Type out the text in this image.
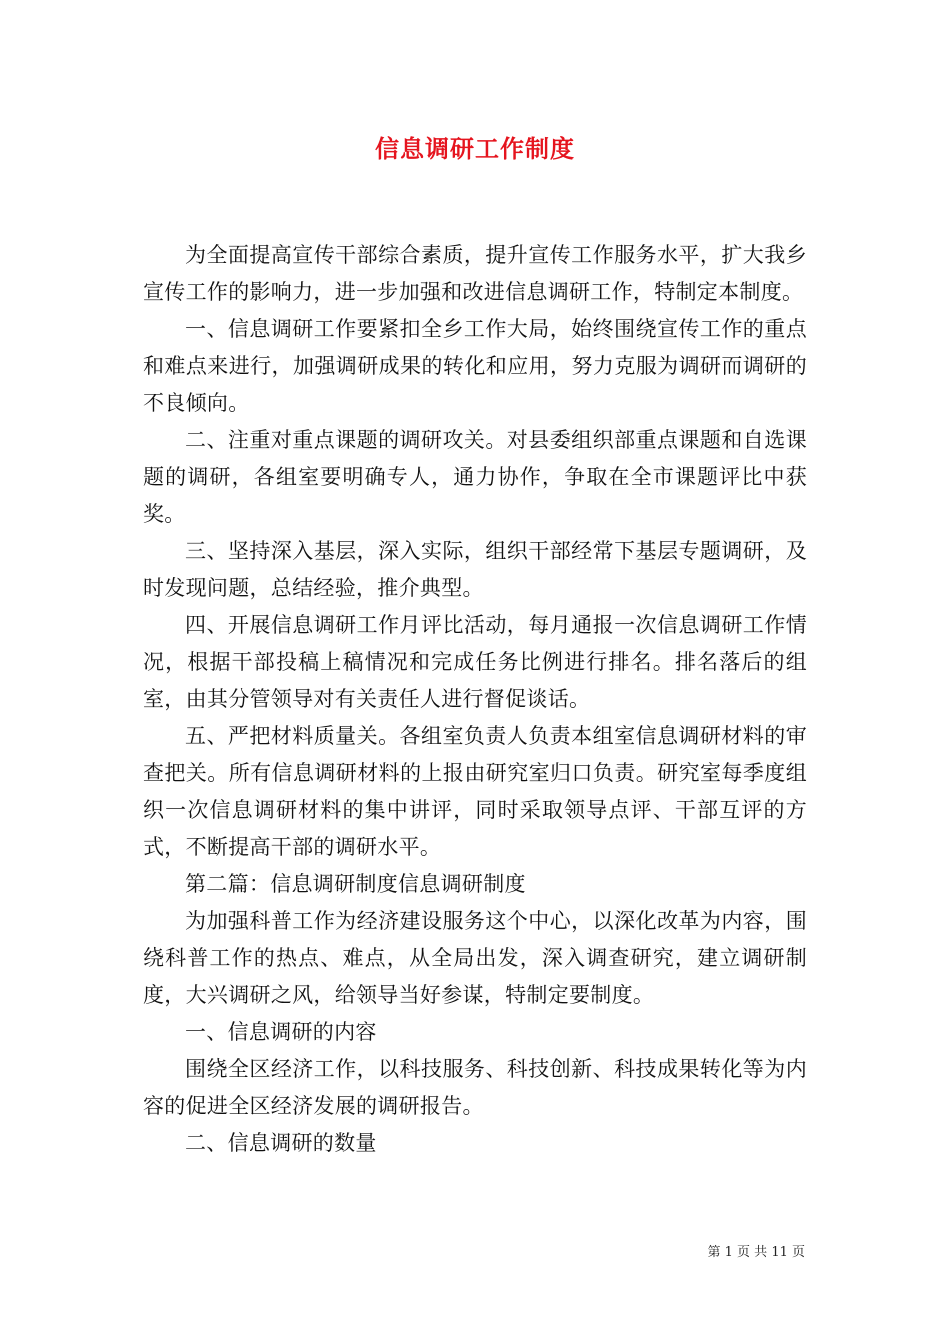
信息调研工作制度

为全面提高宣传干部综合素质，提升宣传工作服务水平，扩大我乡宣传工作的影响力，进一步加强和改进信息调研工作，特制定本制度。

一、信息调研工作要紧扣全乡工作大局，始终围绕宣传工作的重点和难点来进行，加强调研成果的转化和应用，努力克服为调研而调研的不良倾向。

二、注重对重点课题的调研攻关。对县委组织部重点课题和自选课题的调研，各组室要明确专人，通力协作，争取在全市课题评比中获奖。

三、坚持深入基层，深入实际，组织干部经常下基层专题调研，及时发现问题，总结经验，推介典型。

四、开展信息调研工作月评比活动，每月通报一次信息调研工作情况，根据干部投稿上稿情况和完成任务比例进行排名。排名落后的组室，由其分管领导对有关责任人进行督促谈话。

五、严把材料质量关。各组室负责人负责本组室信息调研材料的审查把关。所有信息调研材料的上报由研究室归口负责。研究室每季度组织一次信息调研材料的集中讲评，同时采取领导点评、干部互评的方式，不断提高干部的调研水平。

第二篇：信息调研制度信息调研制度

为加强科普工作为经济建设服务这个中心，以深化改革为内容，围绕科普工作的热点、难点，从全局出发，深入调查研究，建立调研制度，大兴调研之风，给领导当好参谋，特制定要制度。

一、信息调研的内容

围绕全区经济工作，以科技服务、科技创新、科技成果转化等为内容的促进全区经济发展的调研报告。

二、信息调研的数量

第 1 页 共 11 页
